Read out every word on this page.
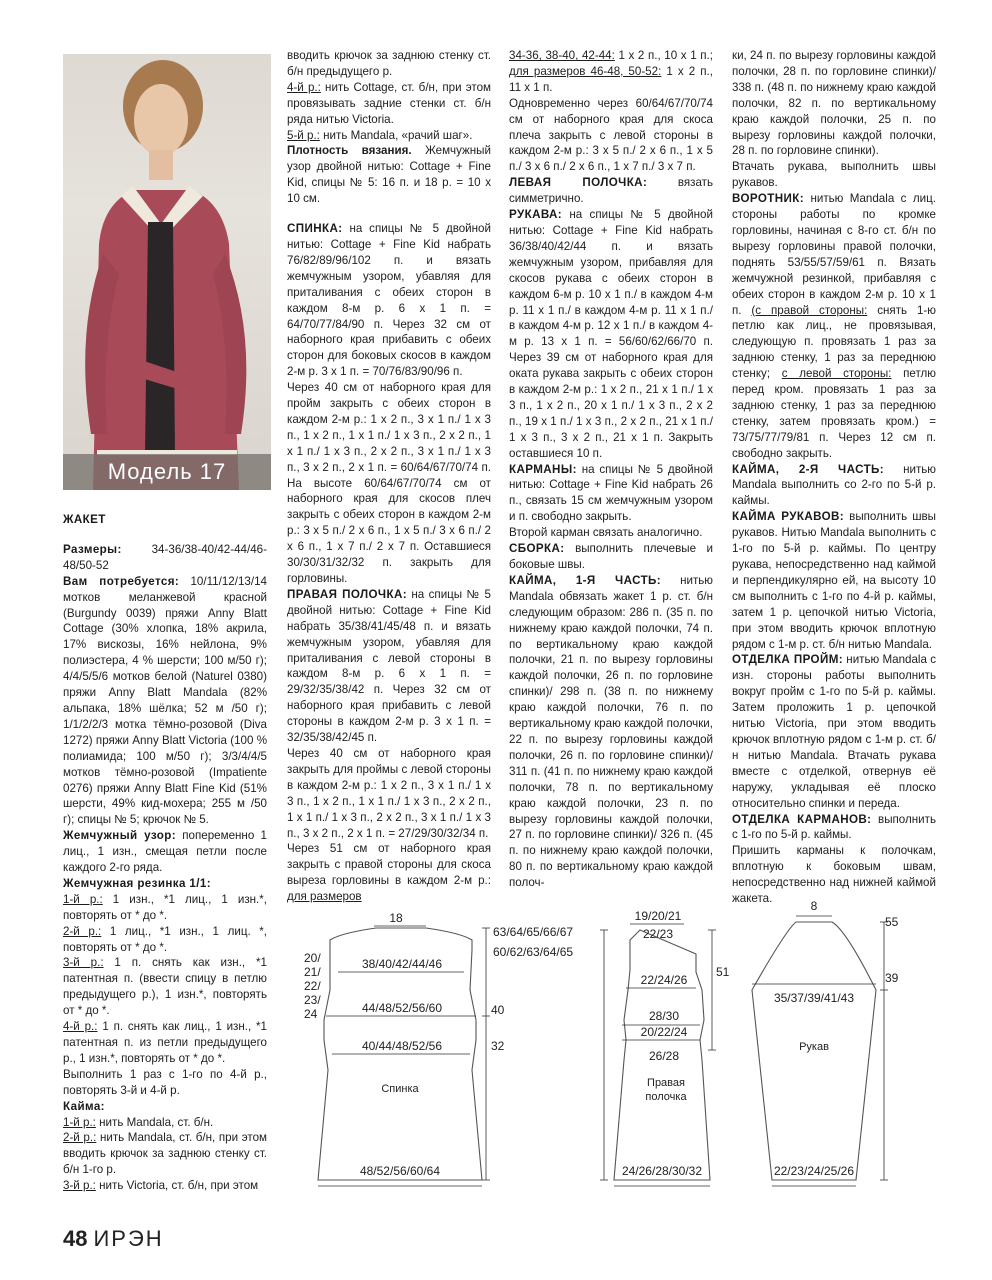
Модель 17

ЖАКЕТ

Размеры:	34-36/38-40/42-44/46-48/50-52

Вам потребуется: 10/11/12/13/14 мотков меланжевой красной (Burgundy 0039) пряжи Anny Blatt Cottage (30% хлопка, 18% акрила, 17% вискозы, 16% нейлона, 9% полиэстера, 4 % шерсти; 100 м/50 г); 4/4/5/5/6 мотков белой (Naturel 0380) пряжи Anny Blatt Mandala (82% альпака, 18% шёлка; 52 м /50 г); 1/1/2/2/3 мотка тёмно-розовой (Diva 1272) пряжи Anny Blatt Victoria (100 % полиамида; 100 м/50 г); 3/3/4/4/5 мотков тёмно-розовой (Impatiente 0276) пряжи Anny Blatt Fine Kid (51% шерсти, 49% кид-мохера; 255 м /50 г); спицы № 5; крючок № 5.

Жемчужный узор: попеременно 1 лиц., 1 изн., смещая петли после каждого 2-го ряда.

Жемчужная резинка 1/1:

1-й р.: 1 изн., *1 лиц., 1 изн.*, повторять от * до *.

2-й р.: 1 лиц., *1 изн., 1 лиц. *, повторять от * до *.

3-й р.: 1 п. снять как изн., *1 патентная п. (ввести спицу в петлю предыдущего р.), 1 изн.*, повторять от * до *.

4-й р.: 1 п. снять как лиц., 1 изн., *1 патентная п. из петли предыдущего р., 1 изн.*, повторять от * до *.

Выполнить 1 раз с 1-го по 4-й р., повторять 3-й и 4-й р.

Кайма:

1-й р.: нить Mandala, ст. б/н.

2-й р.: нить Mandala, ст. б/н, при этом вводить крючок за заднюю стенку ст. б/н 1-го р.

3-й р.: нить Victoria, ст. б/н, при этом

вводить крючок за заднюю стенку ст. б/н предыдущего р.

4-й р.: нить Cottage, ст. б/н, при этом провязывать задние стенки ст. б/н ряда нитью Victoria.

5-й р.: нить Mandala, «рачий шаг».

Плотность вязания. Жемчужный узор двойной нитью: Cottage + Fine Kid, спицы № 5: 16 п. и 18 р. = 10 х 10 см.

СПИНКА: на спицы № 5 двойной нитью: Cottage + Fine Kid набрать 76/82/89/96/102 п. и вязать жемчужным узором, убавляя для приталивания с обеих сторон в каждом 8-м р. 6 х 1 п. = 64/70/77/84/90 п. Через 32 см от наборного края прибавить с обеих сторон для боковых скосов в каждом 2-м р. 3 х 1 п. = 70/76/83/90/96 п.

Через 40 см от наборного края для пройм закрыть с обеих сторон в каждом 2-м р.: 1 х 2 п., 3 х 1 п./ 1 х 3 п., 1 х 2 п., 1 х 1 п./ 1 х 3 п., 2 х 2 п., 1 х 1 п./ 1 х 3 п., 2 х 2 п., 3 х 1 п./ 1 х 3 п., 3 х 2 п., 2 х 1 п. = 60/64/67/70/74 п. На высоте 60/64/67/70/74 см от наборного края для скосов плеч закрыть с обеих сторон в каждом 2-м р.: 3 х 5 п./ 2 х 6 п., 1 х 5 п./ 3 х 6 п./ 2 х 6 п., 1 х 7 п./ 2 х 7 п. Оставшиеся 30/30/31/32/32 п. закрыть для горловины.

ПРАВАЯ ПОЛОЧКА: на спицы № 5 двойной нитью: Cottage + Fine Kid набрать 35/38/41/45/48 п. и вязать жемчужным узором, убавляя для приталивания с левой стороны в каждом 8-м р. 6 х 1 п. = 29/32/35/38/42 п. Через 32 см от наборного края прибавить с левой стороны в каждом 2-м р. 3 х 1 п. = 32/35/38/42/45 п.

Через 40 см от наборного края закрыть для проймы с левой стороны в каждом 2-м р.: 1 х 2 п., 3 х 1 п./ 1 х 3 п., 1 х 2 п., 1 х 1 п./ 1 х 3 п., 2 х 2 п., 1 х 1 п./ 1 х 3 п., 2 х 2 п., 3 х 1 п./ 1 х 3 п., 3 х 2 п., 2 х 1 п. = 27/29/30/32/34 п.

Через 51 см от наборного края закрыть с правой стороны для скоса выреза горловины в каждом 2-м р.: для размеров

34-36, 38-40, 42-44: 1 х 2 п., 10 х 1 п.; для размеров 46-48, 50-52: 1 х 2 п., 11 х 1 п.

Одновременно через 60/64/67/70/74 см от наборного края для скоса плеча закрыть с левой стороны в каждом 2-м р.: 3 х 5 п./ 2 х 6 п., 1 х 5 п./ 3 х 6 п./ 2 х 6 п., 1 х 7 п./ 3 х 7 п.

ЛЕВАЯ ПОЛОЧКА:	вязать симметрично.

РУКАВА: на спицы № 5 двойной нитью: Cottage + Fine Kid набрать 36/38/40/42/44 п. и вязать жемчужным узором, прибавляя для скосов рукава с обеих сторон в каждом 6-м р. 10 х 1 п./ в каждом 4-м р. 11 х 1 п./ в каждом 4-м р. 11 х 1 п./ в каждом 4-м р. 12 х 1 п./ в каждом 4-м р. 13 х 1 п. = 56/60/62/66/70 п. Через 39 см от наборного края для оката рукава закрыть с обеих сторон в каждом 2-м р.: 1 х 2 п., 21 х 1 п./ 1 х 3 п., 1 х 2 п., 20 х 1 п./ 1 х 3 п., 2 х 2 п., 19 х 1 п./ 1 х 3 п., 2 х 2 п., 21 х 1 п./ 1 х 3 п., 3 х 2 п., 21 х 1 п. Закрыть оставшиеся 10 п.

КАРМАНЫ: на спицы № 5 двойной нитью: Cottage + Fine Kid набрать 26 п., связать 15 см жемчужным узором и п. свободно закрыть.

Второй карман связать аналогично.

СБОРКА: выполнить плечевые и боковые швы.

КАЙМА, 1-Я ЧАСТЬ: нитью Mandala обвязать жакет 1 р. ст. б/н следующим образом: 286 п. (35 п. по нижнему краю каждой полочки, 74 п. по вертикальному краю каждой полочки, 21 п. по вырезу горловины каждой полочки, 26 п. по горловине спинки)/ 298 п. (38 п. по нижнему краю каждой полочки, 76 п. по вертикальному краю каждой полочки, 22 п. по вырезу горловины каждой полочки, 26 п. по горловине спинки)/ 311 п. (41 п. по нижнему краю каждой полочки, 78 п. по вертикальному краю каждой полочки, 23 п. по вырезу горловины каждой полочки, 27 п. по горловине спинки)/ 326 п. (45 п. по нижнему краю каждой полочки, 80 п. по вертикальному краю каждой полоч-

ки, 24 п. по вырезу горловины каждой полочки, 28 п. по горловине спинки)/ 338 п. (48 п. по нижнему краю каждой полочки, 82 п. по вертикальному краю каждой полочки, 25 п. по вырезу горловины каждой полочки, 28 п. по горловине спинки).

Втачать рукава, выполнить швы рукавов.

ВОРОТНИК: нитью Mandala с лиц. стороны работы по кромке горловины, начиная с 8-го ст. б/н по вырезу горловины правой полочки, поднять 53/55/57/59/61 п. Вязать жемчужной резинкой, прибавляя с обеих сторон в каждом 2-м р. 10 х 1 п. (с правой стороны: снять 1-ю петлю как лиц., не провязывая, следующую п. провязать 1 раз за заднюю стенку, 1 раз за переднюю стенку; с левой стороны: петлю перед кром. провязать 1 раз за заднюю стенку, 1 раз за переднюю стенку, затем провязать кром.) = 73/75/77/79/81 п. Через 12 см п. свободно закрыть.

КАЙМА, 2-Я ЧАСТЬ: нитью Mandala выполнить со 2-го по 5-й р. каймы.

КАЙМА РУКАВОВ: выполнить швы рукавов. Нитью Mandala выполнить с 1-го по 5-й р. каймы. По центру рукава, непосредственно над каймой и перпендикулярно ей, на высоту 10 см выполнить с 1-го по 4-й р. каймы, затем 1 р. цепочкой нитью Victoria, при этом вводить крючок вплотную рядом с 1-м р. ст. б/н нитью Mandala.

ОТДЕЛКА ПРОЙМ: нитью Mandala с изн. стороны работы выполнить вокруг пройм с 1-го по 5-й р. каймы. Затем проложить 1 р. цепочкой нитью Victoria, при этом вводить крючок вплотную рядом с 1-м р. ст. б/н нитью Mandala. Втачать рукава вместе с отделкой, отвернув её наружу, укладывая её плоско относительно спинки и переда.

ОТДЕЛКА КАРМАНОВ: выполнить с 1-го по 5-й р. каймы.

Пришить карманы к полочкам, вплотную к боковым швам, непосредственно над нижней каймой жакета.

18
63/64/65/66/67
60/62/63/64/65
38/40/42/44/46
44/48/52/56/60
40/44/48/52/56
20/
21/
22/
23/
24	40
32
Спинка
48/52/56/60/64
19/20/21
22/23
51
22/24/26
28/30
20/22/24
26/28
Правая
полочка
24/26/28/30/32
8
55
39
35/37/39/41/43
Рукав
22/23/24/25/26
48 ИРЭН
